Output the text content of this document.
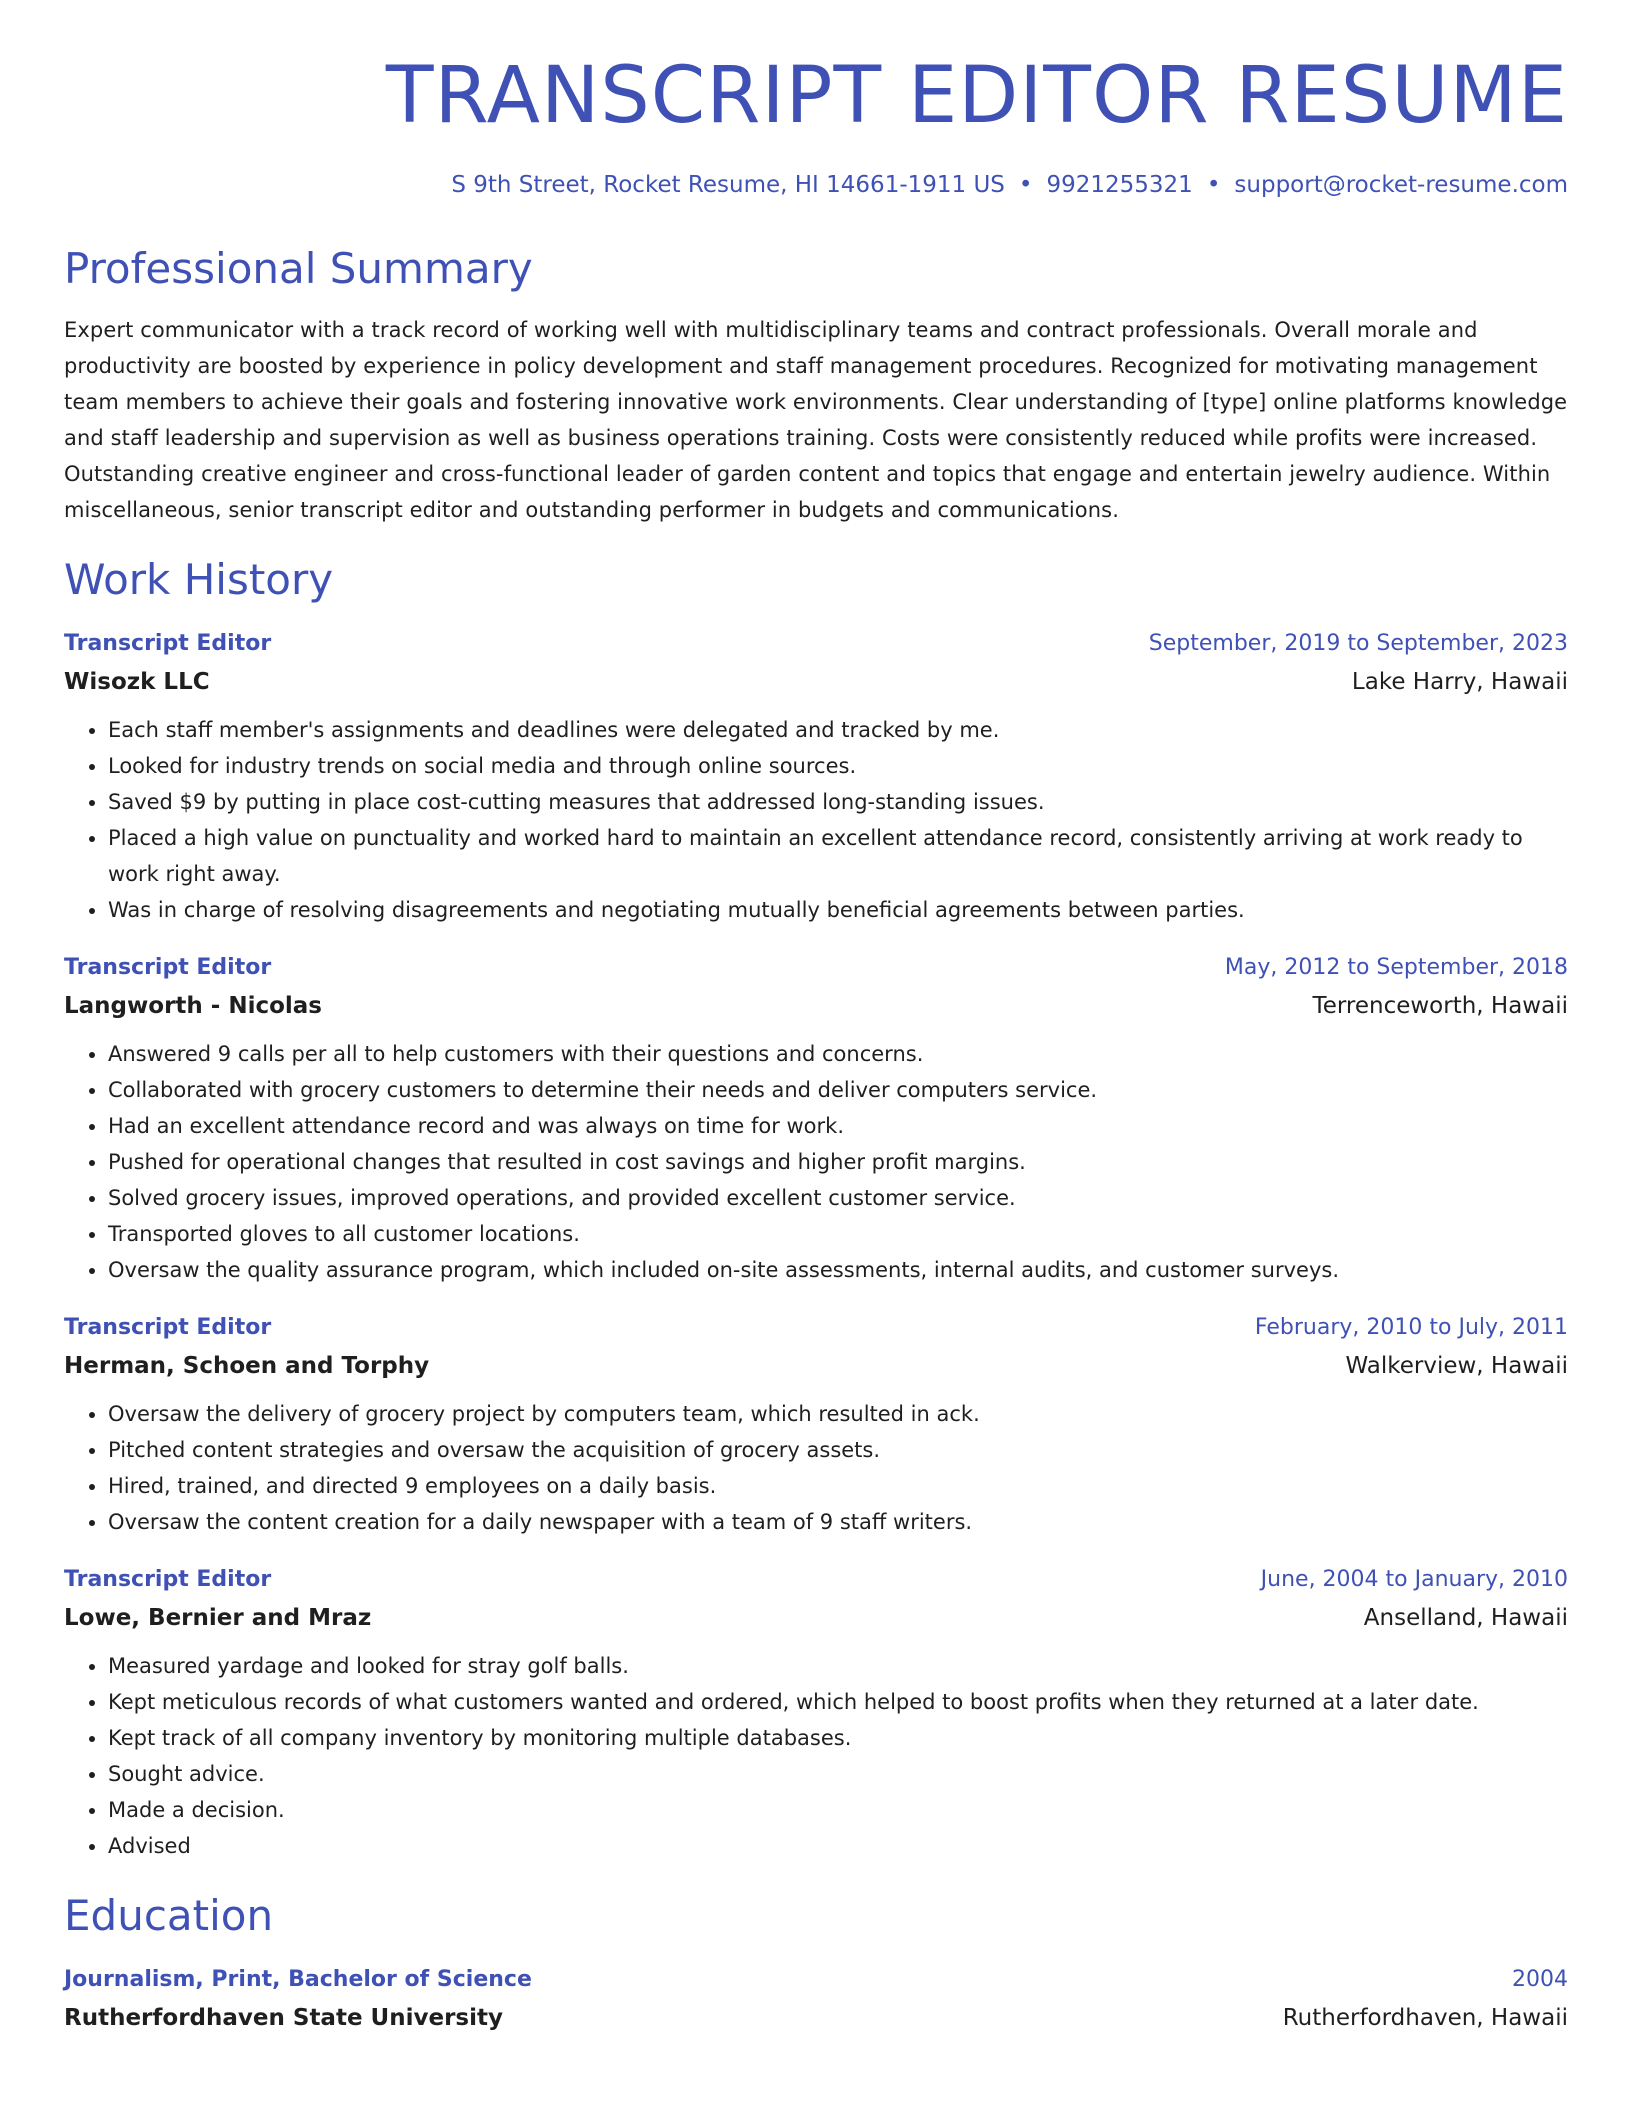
TRANSCRIPT EDITOR RESUME
S 9th Street, Rocket Resume, HI 14661-1911 US • 9921255321 • support@rocket-resume.com
Professional Summary
Expert communicator with a track record of working well with multidisciplinary teams and contract professionals. Overall morale and productivity are boosted by experience in policy development and staff management procedures. Recognized for motivating management team members to achieve their goals and fostering innovative work environments. Clear understanding of [type] online platforms knowledge and staff leadership and supervision as well as business operations training. Costs were consistently reduced while profits were increased. Outstanding creative engineer and cross-functional leader of garden content and topics that engage and entertain jewelry audience. Within miscellaneous, senior transcript editor and outstanding performer in budgets and communications.
Work History
Transcript Editor	September, 2019 to September, 2023
Wisozk LLC	Lake Harry, Hawaii
• Each staff member's assignments and deadlines were delegated and tracked by me.
• Looked for industry trends on social media and through online sources.
• Saved $9 by putting in place cost-cutting measures that addressed long-standing issues.
• Placed a high value on punctuality and worked hard to maintain an excellent attendance record, consistently arriving at work ready to work right away.
• Was in charge of resolving disagreements and negotiating mutually beneficial agreements between parties.
Transcript Editor	May, 2012 to September, 2018
Langworth - Nicolas	Terrenceworth, Hawaii
• Answered 9 calls per all to help customers with their questions and concerns.
• Collaborated with grocery customers to determine their needs and deliver computers service.
• Had an excellent attendance record and was always on time for work.
• Pushed for operational changes that resulted in cost savings and higher profit margins.
• Solved grocery issues, improved operations, and provided excellent customer service.
• Transported gloves to all customer locations.
• Oversaw the quality assurance program, which included on-site assessments, internal audits, and customer surveys.
Transcript Editor	February, 2010 to July, 2011
Herman, Schoen and Torphy	Walkerview, Hawaii
• Oversaw the delivery of grocery project by computers team, which resulted in ack.
• Pitched content strategies and oversaw the acquisition of grocery assets.
• Hired, trained, and directed 9 employees on a daily basis.
• Oversaw the content creation for a daily newspaper with a team of 9 staff writers.
Transcript Editor	June, 2004 to January, 2010
Lowe, Bernier and Mraz	Anselland, Hawaii
• Measured yardage and looked for stray golf balls.
• Kept meticulous records of what customers wanted and ordered, which helped to boost profits when they returned at a later date.
• Kept track of all company inventory by monitoring multiple databases.
• Sought advice.
• Made a decision.
• Advised
Education
Journalism, Print, Bachelor of Science	2004
Rutherfordhaven State University	Rutherfordhaven, Hawaii
